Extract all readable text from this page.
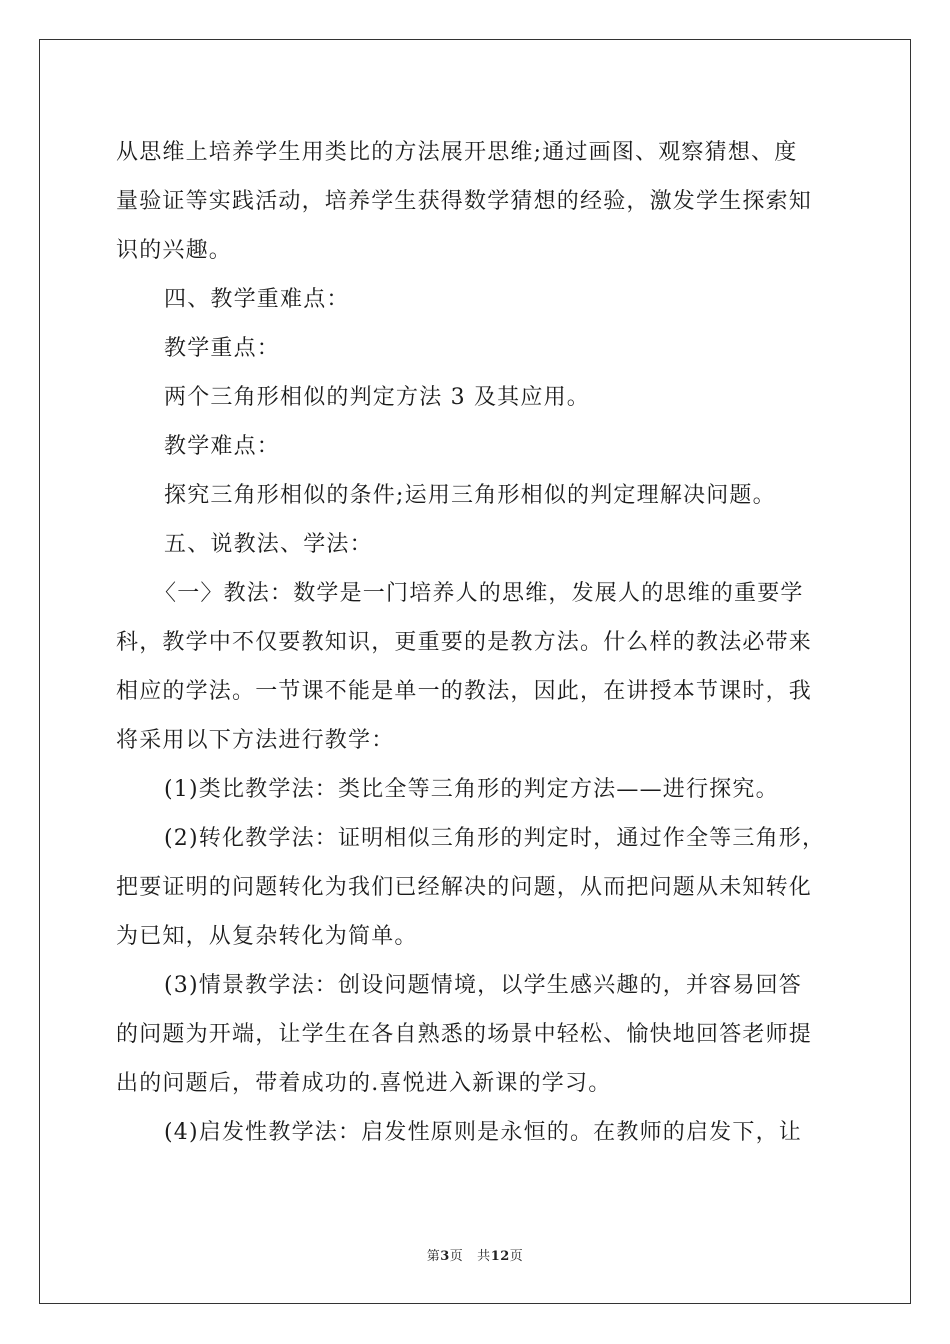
从思维上培养学生用类比的方法展开思维;通过画图、观察猜想、度
量验证等实践活动，培养学生获得数学猜想的经验，激发学生探索知
识的兴趣。
四、教学重难点：
教学重点：
两个三角形相似的判定方法 3 及其应用。
教学难点：
探究三角形相似的条件;运用三角形相似的判定理解决问题。
五、说教法、学法：
〈一〉教法：数学是一门培养人的思维，发展人的思维的重要学
科，教学中不仅要教知识，更重要的是教方法。什么样的教法必带来
相应的学法。一节课不能是单一的教法，因此，在讲授本节课时，我
将采用以下方法进行教学：
(1)类比教学法：类比全等三角形的判定方法——进行探究。
(2)转化教学法：证明相似三角形的判定时，通过作全等三角形，
把要证明的问题转化为我们已经解决的问题，从而把问题从未知转化
为已知，从复杂转化为简单。
(3)情景教学法：创设问题情境，以学生感兴趣的，并容易回答
的问题为开端，让学生在各自熟悉的场景中轻松、愉快地回答老师提
出的问题后，带着成功的.喜悦进入新课的学习。
(4)启发性教学法：启发性原则是永恒的。在教师的启发下，让
第3页 共12页
